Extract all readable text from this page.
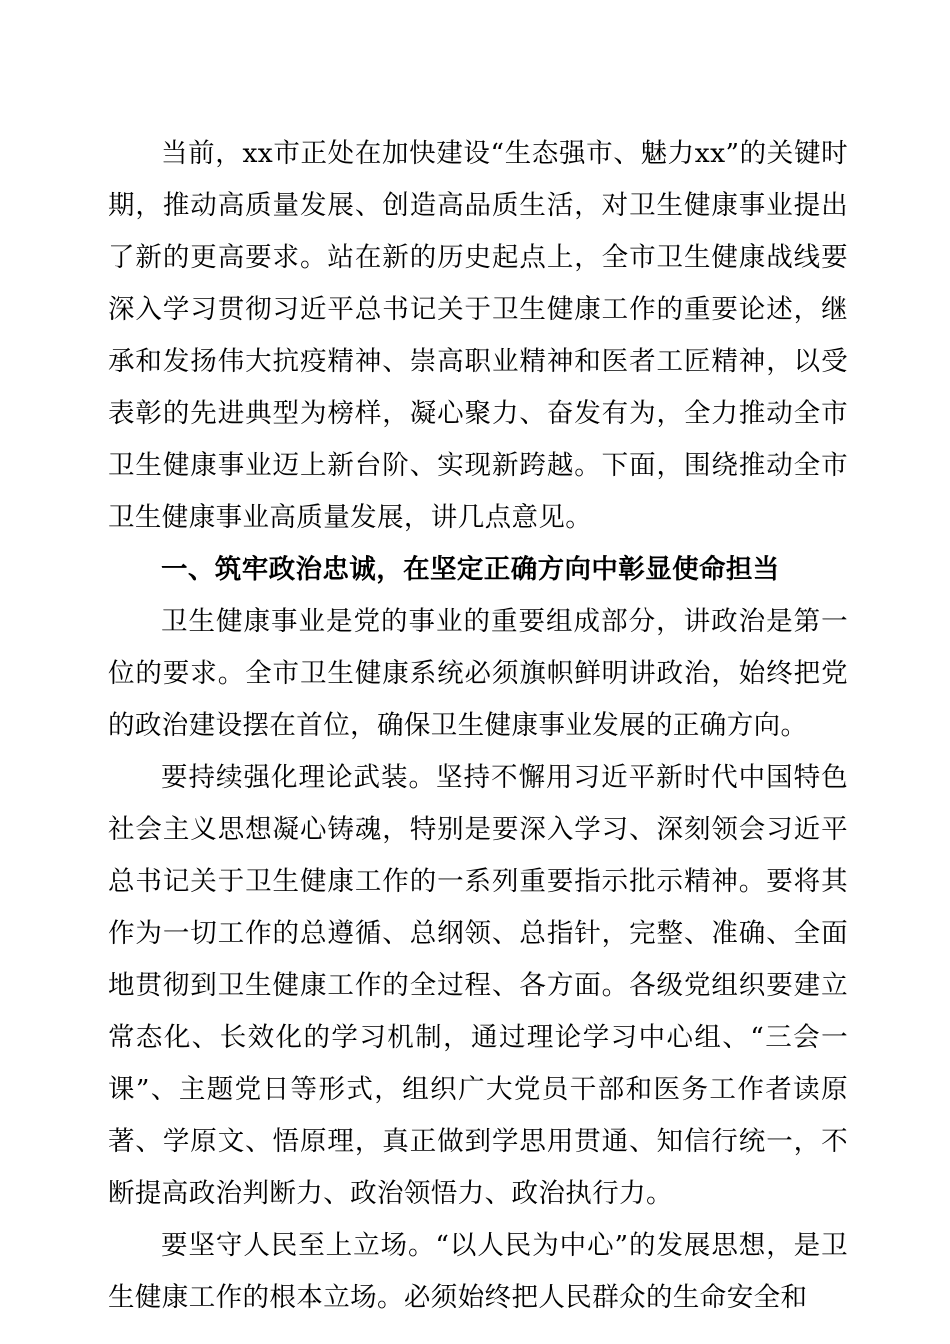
当前，xx市正处在加快建设“生态强市、魅力xx”的关键时期，推动高质量发展、创造高品质生活，对卫生健康事业提出了新的更高要求。站在新的历史起点上，全市卫生健康战线要深入学习贯彻习近平总书记关于卫生健康工作的重要论述，继承和发扬伟大抗疫精神、崇高职业精神和医者工匠精神，以受表彰的先进典型为榜样，凝心聚力、奋发有为，全力推动全市卫生健康事业迈上新台阶、实现新跨越。下面，围绕推动全市卫生健康事业高质量发展，讲几点意见。

一、筑牢政治忠诚，在坚定正确方向中彰显使命担当

卫生健康事业是党的事业的重要组成部分，讲政治是第一位的要求。全市卫生健康系统必须旗帜鲜明讲政治，始终把党的政治建设摆在首位，确保卫生健康事业发展的正确方向。

要持续强化理论武装。坚持不懈用习近平新时代中国特色社会主义思想凝心铸魂，特别是要深入学习、深刻领会习近平总书记关于卫生健康工作的一系列重要指示批示精神。要将其作为一切工作的总遵循、总纲领、总指针，完整、准确、全面地贯彻到卫生健康工作的全过程、各方面。各级党组织要建立常态化、长效化的学习机制，通过理论学习中心组、“三会一课”、主题党日等形式，组织广大党员干部和医务工作者读原著、学原文、悟原理，真正做到学思用贯通、知信行统一，不断提高政治判断力、政治领悟力、政治执行力。

要坚守人民至上立场。“以人民为中心”的发展思想，是卫生健康工作的根本立场。必须始终把人民群众的生命安全和
